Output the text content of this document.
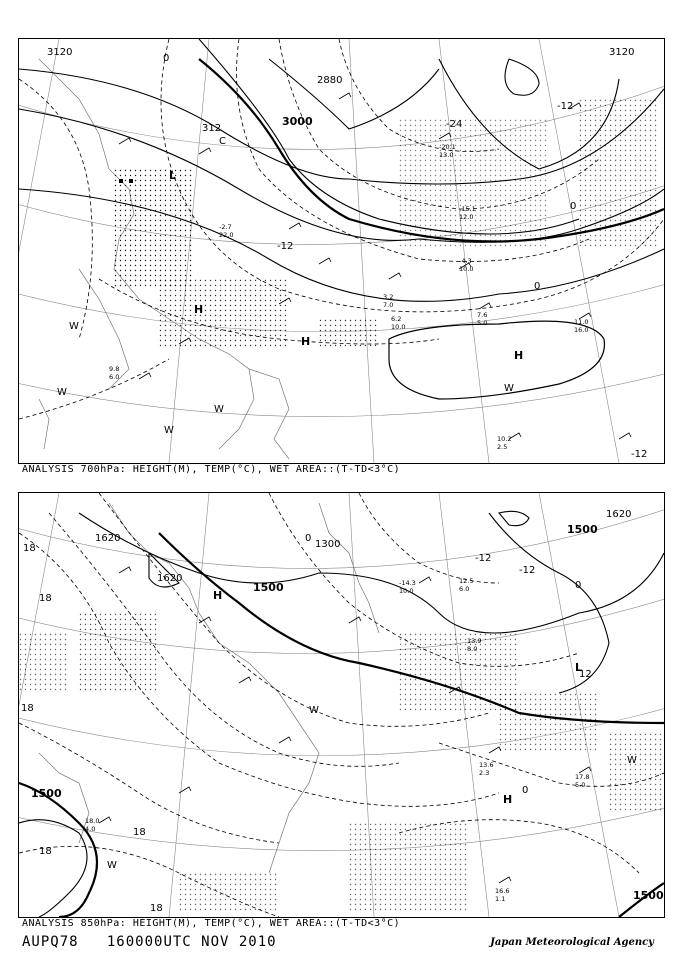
3120
2880
3000
312
3120
0
-24
-12
0
-12
0
-12
L
H
H
H
W
W
W
W
W
C
7.6
5.0	11.0
16.0
10.2
2.5
6.2
10.0
3.2
7.0
-2.7
22.0
-4.3
10.0
9.8
6.0
-20.1
13.0
-15.1
12.0
ANALYSIS 700hPa: HEIGHT(M), TEMP(°C), WET AREA::(T-TD<3°C)
1500
1620
1620
1500
1500
1620
1500
1300
18
18
18
18
18
18
0
-12
12
0
0
-12
L
H
H
W
W
W
17.8
5.0
16.6
1.1
13.6
2.3
13.9
8.0
-14.3
10.0
18.0
4.0
12.5
6.0
ANALYSIS 850hPa: HEIGHT(M), TEMP(°C), WET AREA::(T-TD<3°C)
AUPQ78 160000UTC NOV 2010	Japan Meteorological Agency
